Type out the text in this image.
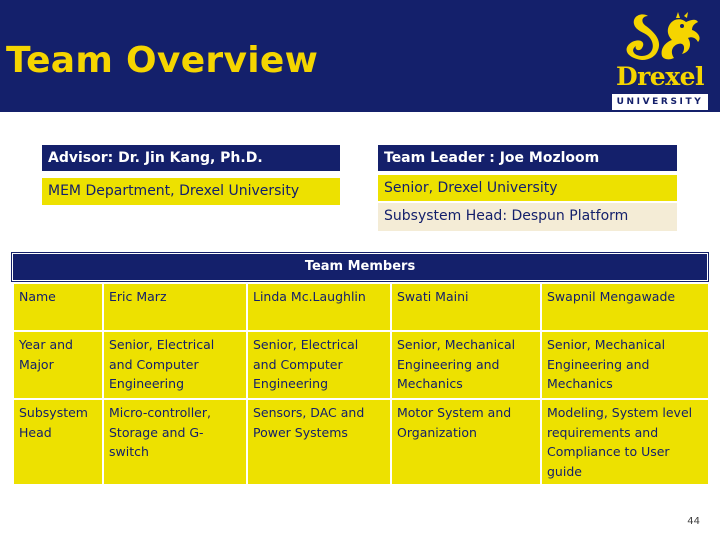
Team Overview	Drexel
UNIVERSITY
Advisor: Dr. Jin Kang, Ph.D.
MEM Department, Drexel University
Team Leader : Joe Mozloom
Senior, Drexel University
Subsystem Head: Despun Platform
Team Members
Name	Eric Marz	Linda Mc.Laughlin	Swati Maini	Swapnil Mengawade
Year and Major	Senior, Electrical and Computer Engineering	Senior, Electrical and Computer Engineering	Senior, Mechanical Engineering and Mechanics	Senior, Mechanical Engineering and Mechanics
Subsystem Head	Micro-controller, Storage and G-switch	Sensors, DAC and Power Systems	Motor System and Organization	Modeling, System level requirements and Compliance to User guide
44
